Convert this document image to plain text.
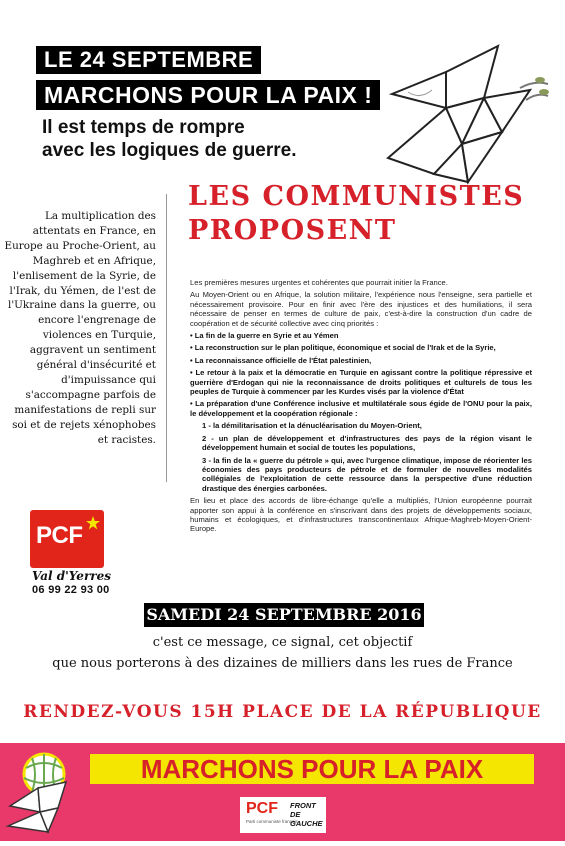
LE 24 SEPTEMBRE
MARCHONS POUR LA PAIX !
Il est temps de rompre
avec les logiques de guerre.
LES COMMUNISTES
PROPOSENT
La multiplication des attentats en France, en Europe au Proche-Orient, au Maghreb et en Afrique, l'enlisement de la Syrie, de l'Irak, du Yémen, de l'est de l'Ukraine dans la guerre, ou encore l'engrenage de violences en Turquie, aggravent un sentiment général d'insécurité et d'impuissance qui s'accompagne parfois de manifestations de repli sur soi et de rejets xénophobes et racistes.
PCF
Val d'Yerres
06 99 22 93 00

Les premières mesures urgentes et cohérentes que pourrait initier la France.

Au Moyen-Orient ou en Afrique, la solution militaire, l'expérience nous l'enseigne, sera partielle et nécessairement provisoire. Pour en finir avec l'ère des injustices et des humiliations, il sera nécessaire de penser en termes de culture de paix, c'est-à-dire la construction d'un cadre de coopération et de sécurité collective avec cinq priorités :

• La fin de la guerre en Syrie et au Yémen

• La reconstruction sur le plan politique, économique et social de l'Irak et de la Syrie,

• La reconnaissance officielle de l'État palestinien,

• Le retour à la paix et la démocratie en Turquie en agissant contre la politique répressive et guerrière d'Erdogan qui nie la reconnaissance de droits politiques et culturels de tous les peuples de Turquie à commencer par les Kurdes visés par la violence d'État

• La préparation d'une Conférence inclusive et multilatérale sous égide de l'ONU pour la paix, le développement et la coopération régionale :

1 - la démilitarisation et la dénucléarisation du Moyen-Orient,

2 - un plan de développement et d'infrastructures des pays de la région visant le développement humain et social de toutes les populations,

3 - la fin de la « guerre du pétrole » qui, avec l'urgence climatique, impose de réorienter les économies des pays producteurs de pétrole et de formuler de nouvelles modalités collégiales de l'exploitation de cette ressource dans la perspective d'une réduction drastique des énergies carbonées.

En lieu et place des accords de libre-échange qu'elle a multipliés, l'Union européenne pourrait apporter son appui à la conférence en s'inscrivant dans des projets de développements sociaux, humains et écologiques, et d'infrastructures transcontinentaux Afrique-Maghreb-Moyen-Orient-Europe.

SAMEDI 24 SEPTEMBRE 2016
c'est ce message, ce signal, cet objectif
que nous porterons à des dizaines de milliers dans les rues de France
RENDEZ-VOUS 15H PLACE DE LA RÉPUBLIQUE
MARCHONS POUR LA PAIX
PCF
Parti communiste français
FRONT DE GAUCHE
